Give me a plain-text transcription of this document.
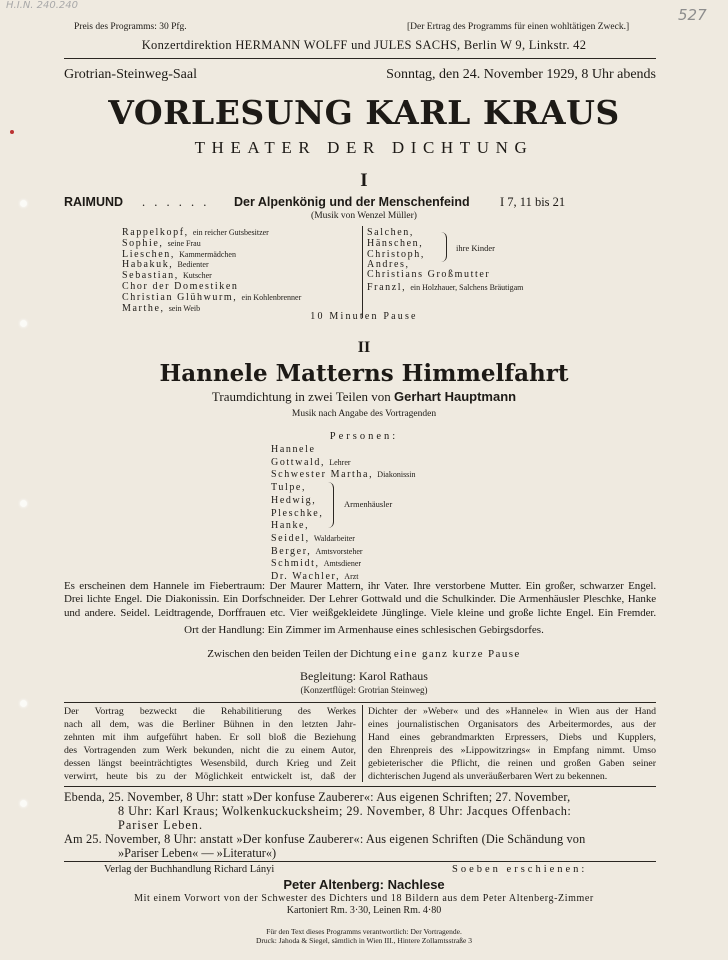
H.I.N. 240.240
527
Preis des Programms: 30 Pfg.	[Der Ertrag des Programms für einen wohltätigen Zweck.]
Konzertdirektion HERMANN WOLFF und JULES SACHS, Berlin W 9, Linkstr. 42
Grotrian-Steinweg-Saal	Sonntag, den 24. November 1929, 8 Uhr abends
VORLESUNG KARL KRAUS
THEATER DER DICHTUNG
I
RAIMUND . . . . . . Der Alpenkönig und der Menschenfeind I 7, 11 bis 21
(Musik von Wenzel Müller)
Rappelkopf, ein reicher Gutsbesitzer
Sophie, seine Frau
Lieschen, Kammermädchen
Habakuk, Bedienter
Sebastian, Kutscher
Chor der Domestiken
Christian Glühwurm, ein Kohlenbrenner
Marthe, sein Weib
Salchen,
Hänschen,
Christoph,
Andres,
ihre Kinder
Christians Großmutter
Franzl, ein Holzhauer, Salchens Bräutigam
10 Minuten Pause
II
Hannele Matterns Himmelfahrt
Traumdichtung in zwei Teilen von Gerhart Hauptmann
Musik nach Angabe des Vortragenden
Personen:
Hannele
Gottwald, Lehrer
Schwester Martha, Diakonissin
Tulpe,
Hedwig,
Pleschke,
Hanke,
Seidel, Waldarbeiter
Berger, Amtsvorsteher
Schmidt, Amtsdiener
Dr. Wachler, Arzt
Armenhäusler
Es erscheinen dem Hannele im Fiebertraum: Der Maurer Mattern, ihr Vater. Ihre verstorbene Mutter. Ein großer, schwarzer Engel.
Drei lichte Engel. Die Diakonissin. Ein Dorfschneider. Der Lehrer Gottwald und die Schulkinder. Die Armenhäusler Pleschke, Hanke
und andere. Seidel. Leidtragende, Dorffrauen etc. Vier weißgekleidete Jünglinge. Viele kleine und große lichte Engel. Ein Fremder.
Ort der Handlung: Ein Zimmer im Armenhause eines schlesischen Gebirgsdorfes.
Zwischen den beiden Teilen der Dichtung eine ganz kurze Pause
Begleitung: Karol Rathaus
(Konzertflügel: Grotrian Steinweg)
Der Vortrag bezweckt die Rehabilitierung des Werkes
nach all dem, was die Berliner Bühnen in den letzten Jahr-
zehnten mit ihm aufgeführt haben. Er soll bloß die Beziehung
des Vortragenden zum Werk bekunden, nicht die zu einem Autor,
dessen längst beeinträchtigtes Wesensbild, durch Krieg und Zeit
verwirrt, heute bis zu der Möglichkeit entwickelt ist, daß der
Dichter der »Weber« und des »Hannele« in Wien aus der Hand
eines journalistischen Organisators des Arbeitermordes, aus der
Hand eines gebrandmarkten Erpressers, Diebs und Kupplers,
den Ehrenpreis des »Lippowitzrings« in Empfang nimmt. Umso
gebieterischer die Pflicht, die reinen und großen Gaben seiner
dichterischen Jugend als unveräußerbaren Wert zu bekennen.
Ebenda, 25. November, 8 Uhr: statt »Der konfuse Zauberer«: Aus eigenen Schriften; 27. November,
8 Uhr: Karl Kraus; Wolkenkuckucksheim; 29. November, 8 Uhr: Jacques Offenbach:
Pariser Leben.
Am 25. November, 8 Uhr: anstatt »Der konfuse Zauberer«: Aus eigenen Schriften (Die Schändung von
»Pariser Leben« — »Literatur«)
Verlag der Buchhandlung Richard Lányi	Soeben erschienen:
Peter Altenberg: Nachlese
Mit einem Vorwort von der Schwester des Dichters und 18 Bildern aus dem Peter Altenberg-Zimmer
Kartoniert Rm. 3·30, Leinen Rm. 4·80
Für den Text dieses Programms verantwortlich: Der Vortragende.
Druck: Jahoda & Siegel, sämtlich in Wien III., Hintere Zollamtsstraße 3
